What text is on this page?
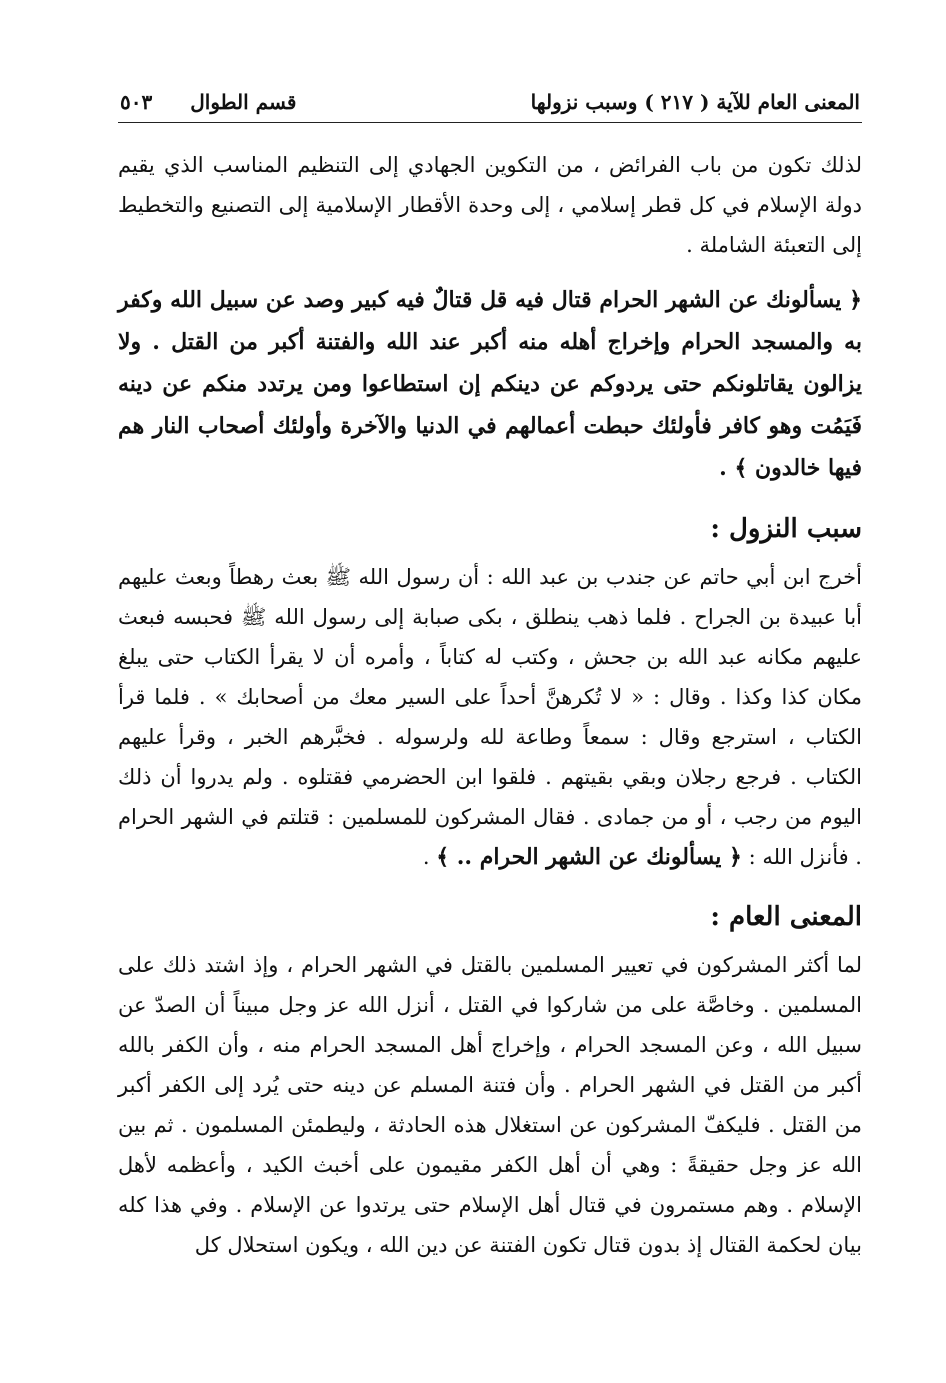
المعنى العام للآية ( ٢١٧ ) وسبب نزولها
قسم الطوال
٥٠٣

لذلك تكون من باب الفرائض ، من التكوين الجهادي إلى التنظيم المناسب الذي يقيم دولة الإسلام في كل قطر إسلامي ، إلى وحدة الأقطار الإسلامية إلى التصنيع والتخطيط إلى التعبئة الشاملة .

﴿ يسألونك عن الشهر الحرام قتال فيه قل قتالٌ فيه كبير وصد عن سبيل الله وكفر به والمسجد الحرام وإخراج أهله منه أكبر عند الله والفتنة أكبر من القتل . ولا يزالون يقاتلونكم حتى يردوكم عن دينكم إن استطاعوا ومن يرتدد منكم عن دينه فَيَمُت وهو كافر فأولئك حبطت أعمالهم في الدنيا والآخرة وأولئك أصحاب النار هم فيها خالدون ﴾ .

سبب النزول :

أخرج ابن أبي حاتم عن جندب بن عبد الله : أن رسول الله ﷺ بعث رهطاً وبعث عليهم أبا عبيدة بن الجراح . فلما ذهب ينطلق ، بكى صبابة إلى رسول الله ﷺ فحبسه فبعث عليهم مكانه عبد الله بن جحش ، وكتب له كتاباً ، وأمره أن لا يقرأ الكتاب حتى يبلغ مكان كذا وكذا . وقال : « لا تُكرهنَّ أحداً على السير معك من أصحابك » . فلما قرأ الكتاب ، استرجع وقال : سمعاً وطاعة لله ولرسوله . فخبَّرهم الخبر ، وقرأ عليهم الكتاب . فرجع رجلان وبقي بقيتهم . فلقوا ابن الحضرمي فقتلوه . ولم يدروا أن ذلك اليوم من رجب ، أو من جمادى . فقال المشركون للمسلمين : قتلتم في الشهر الحرام . فأنزل الله : ﴿ يسألونك عن الشهر الحرام .. ﴾ .

المعنى العام :

لما أكثر المشركون في تعيير المسلمين بالقتل في الشهر الحرام ، وإذ اشتد ذلك على المسلمين . وخاصَّة على من شاركوا في القتل ، أنزل الله عز وجل مبيناً أن الصدّ عن سبيل الله ، وعن المسجد الحرام ، وإخراج أهل المسجد الحرام منه ، وأن الكفر بالله أكبر من القتل في الشهر الحرام . وأن فتنة المسلم عن دينه حتى يُرد إلى الكفر أكبر من القتل . فليكفّ المشركون عن استغلال هذه الحادثة ، وليطمئن المسلمون . ثم بين الله عز وجل حقيقةً : وهي أن أهل الكفر مقيمون على أخبث الكيد ، وأعظمه لأهل الإسلام . وهم مستمرون في قتال أهل الإسلام حتى يرتدوا عن الإسلام . وفي هذا كله بيان لحكمة القتال إذ بدون قتال تكون الفتنة عن دين الله ، ويكون استحلال كل
